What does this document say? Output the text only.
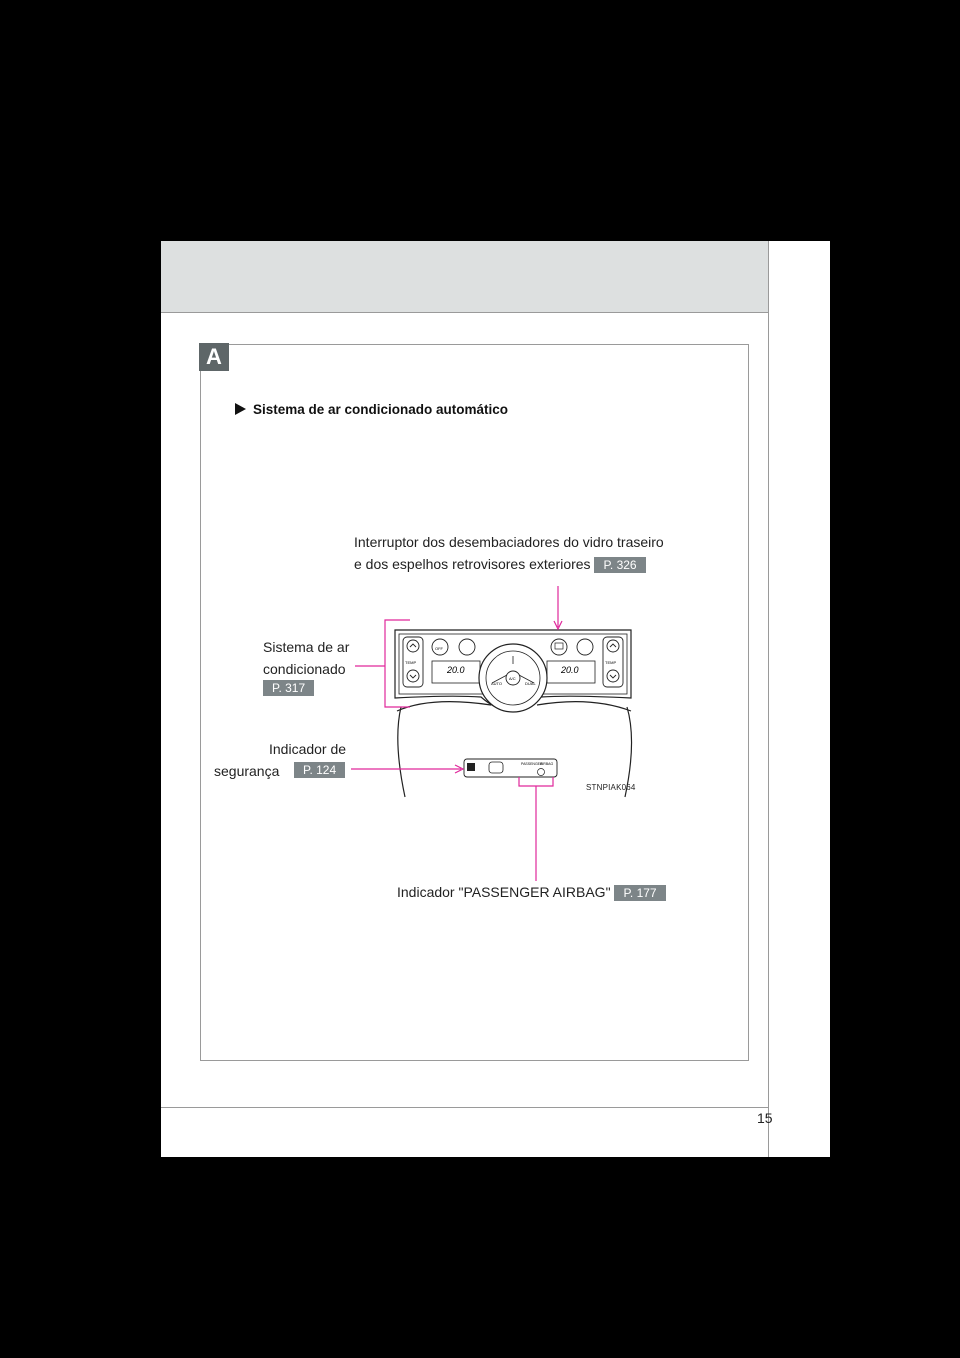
15
A
Sistema de ar condicionado automático
Interruptor dos desembaciadores do vidro traseiro
e dos espelhos retrovisores exteriores P. 326
Sistema de ar
condicionado
P. 317
Indicador de
segurança	P. 124
Indicador "PASSENGER AIRBAG" P. 177
STNPIAK064
TEMP	TEMP
OFF
20.0	20.0
A/C
AUTO	DUAL
PASSENGER
AIRBAG
